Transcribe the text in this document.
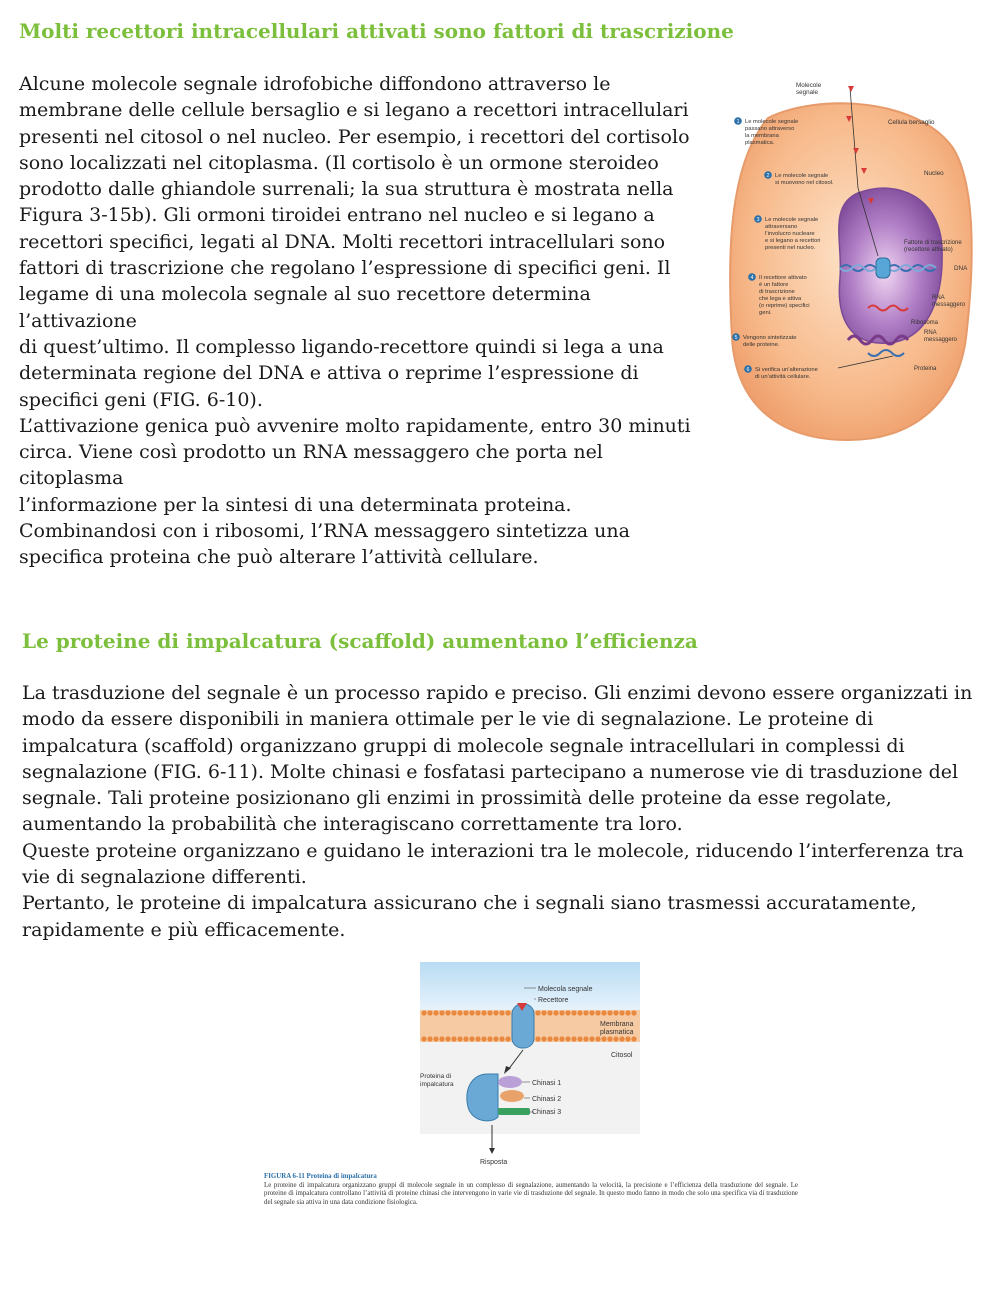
Molti recettori intracellulari attivati sono fattori di trascrizione
Alcune molecole segnale idrofobiche diffondono attraverso le
membrane delle cellule bersaglio e si legano a recettori intracellulari
presenti nel citosol o nel nucleo. Per esempio, i recettori del cortisolo
sono localizzati nel citoplasma. (Il cortisolo è un ormone steroideo
prodotto dalle ghiandole surrenali; la sua struttura è mostrata nella
Figura 3-15b). Gli ormoni tiroidei entrano nel nucleo e si legano a
recettori specifici, legati al DNA. Molti recettori intracellulari sono
fattori di trascrizione che regolano l’espressione di specifici geni. Il
legame di una molecola segnale al suo recettore determina l’attivazione
di quest’ultimo. Il complesso ligando-recettore quindi si lega a una
determinata regione del DNA e attiva o reprime l’espressione di
specifici geni (FIG. 6-10).
L’attivazione genica può avvenire molto rapidamente, entro 30 minuti
circa. Viene così prodotto un RNA messaggero che porta nel citoplasma
l’informazione per la sintesi di una determinata proteina.
Combinandosi con i ribosomi, l’RNA messaggero sintetizza una
specifica proteina che può alterare l’attività cellulare.
Molecole segnale
Cellula bersaglio
Nucleo
Fattore di trascrizione (recettore attivato)
DNA
RNA messaggero
Ribosoma
RNA messaggero
Proteina
1 Le molecole segnale passano attraverso la membrana plasmatica.
2 Le molecole segnale si muovono nel citosol.
3 Le molecole segnale attraversano l’involucro nucleare e si legano a recettori presenti nel nucleo.
4 Il recettore attivato è un fattore di trascrizione che lega e attiva (o reprime) specifici geni.
5 Vengono sintetizzate delle proteine.
6 Si verifica un’alterazione di un’attività cellulare.
Le proteine di impalcatura (scaffold) aumentano l’efficienza
La trasduzione del segnale è un processo rapido e preciso. Gli enzimi devono essere organizzati in
modo da essere disponibili in maniera ottimale per le vie di segnalazione. Le proteine di
impalcatura (scaffold) organizzano gruppi di molecole segnale intracellulari in complessi di
segnalazione (FIG. 6-11). Molte chinasi e fosfatasi partecipano a numerose vie di trasduzione del
segnale. Tali proteine posizionano gli enzimi in prossimità delle proteine da esse regolate,
aumentando la probabilità che interagiscano correttamente tra loro.
Queste proteine organizzano e guidano le interazioni tra le molecole, riducendo l’interferenza tra
vie di segnalazione differenti.
Pertanto, le proteine di impalcatura assicurano che i segnali siano trasmessi accuratamente,
rapidamente e più efficacemente.
Molecola segnale
Recettore
Membrana plasmatica
Citosol
Proteina di impalcatura	Chinasi 1
Chinasi 2
Chinasi 3
Risposta
FIGURA 6-11 Proteina di impalcatura
Le proteine di impalcatura organizzano gruppi di molecole segnale in un complesso di segnalazione, aumentando la velocità, la precisione e l’efficienza della trasduzione del segnale. Le proteine di impalcatura controllano l’attività di proteine chinasi che intervengono in varie vie di trasduzione del segnale. In questo modo fanno in modo che solo una specifica via di trasduzione del segnale sia attiva in una data condizione fisiologica.
